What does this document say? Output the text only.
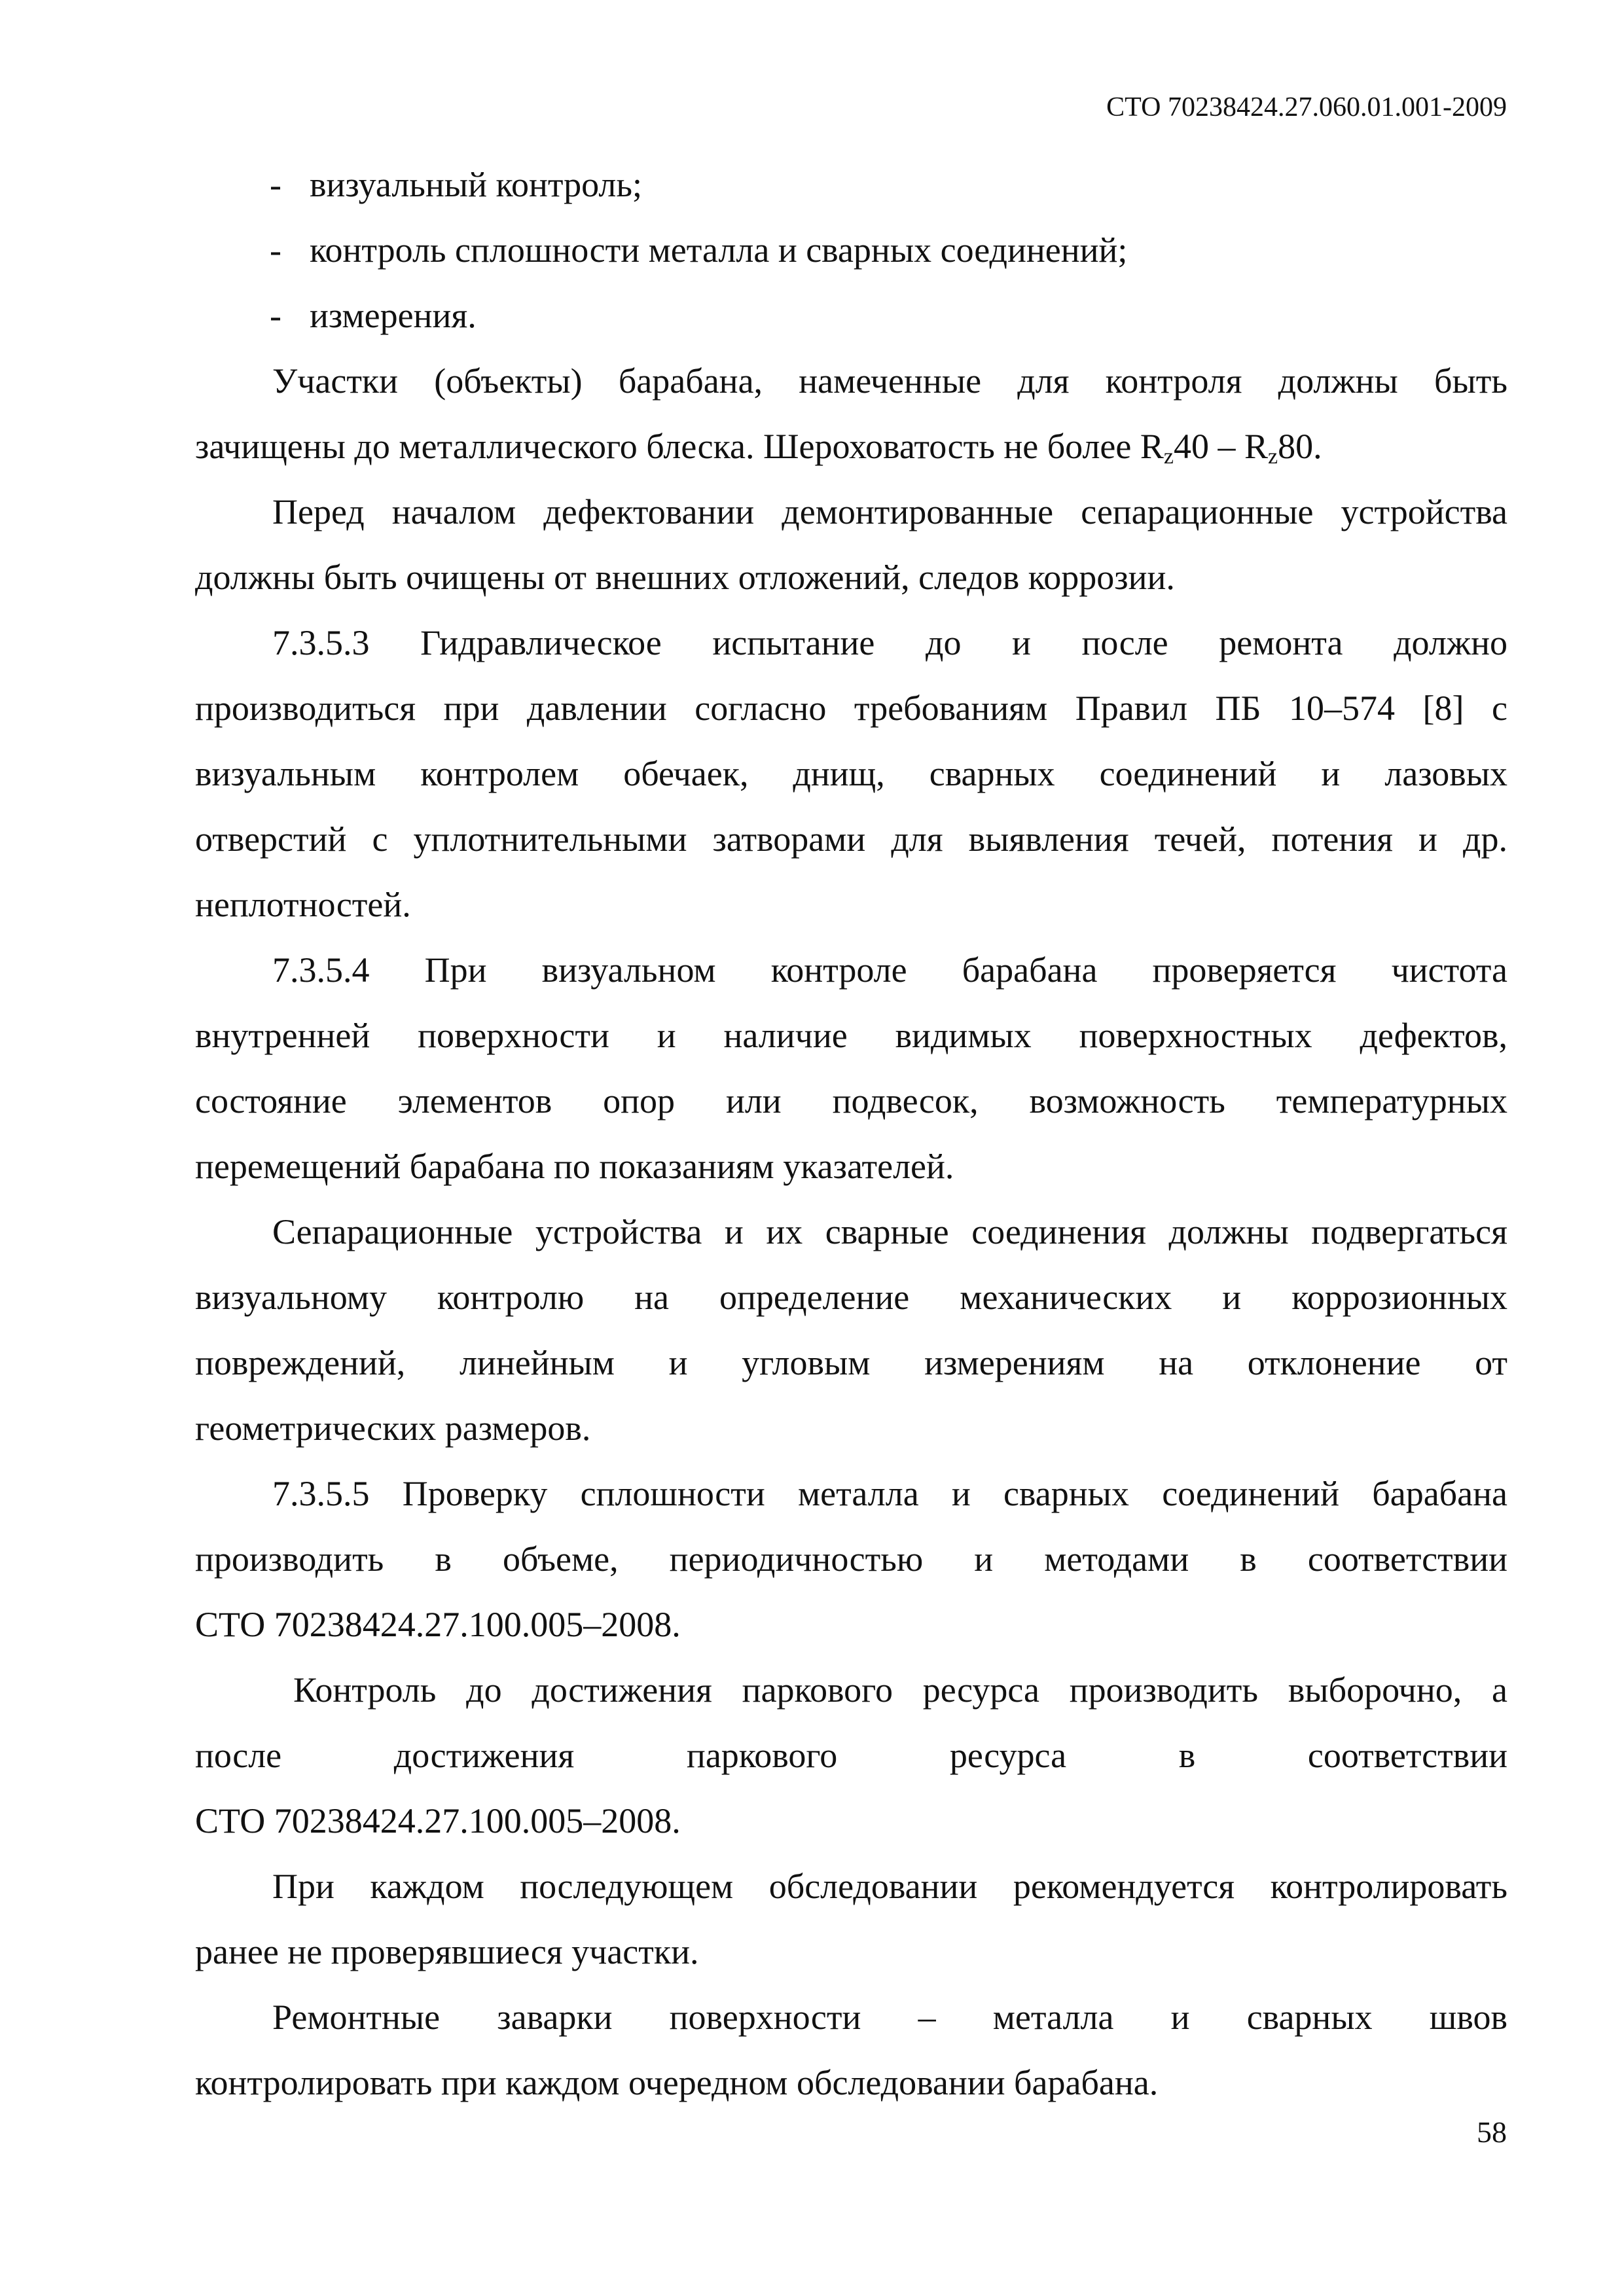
СТО 70238424.27.060.01.001-2009
- визуальный контроль;
- контроль сплошности металла и сварных соединений;
- измерения.
Участки (объекты) барабана, намеченные для контроля должны быть
зачищены до металлического блеска. Шероховатость не более $R_z40 - R_z80$.
Перед началом дефектовании демонтированные сепарационные устройства
должны быть очищены от внешних отложений, следов коррозии.
7.3.5.3 Гидравлическое испытание до и после ремонта должно
производиться при давлении согласно требованиям Правил ПБ 10–574 [8] с
визуальным контролем обечаек, днищ, сварных соединений и лазовых
отверстий с уплотнительными затворами для выявления течей, потения и др.
неплотностей.
7.3.5.4 При визуальном контроле барабана проверяется чистота
внутренней поверхности и наличие видимых поверхностных дефектов,
состояние элементов опор или подвесок, возможность температурных
перемещений барабана по показаниям указателей.
Сепарационные устройства и их сварные соединения должны подвергаться
визуальному контролю на определение механических и коррозионных
повреждений, линейным и угловым измерениям на отклонение от
геометрических размеров.
7.3.5.5 Проверку сплошности металла и сварных соединений барабана
производить в объеме, периодичностью и методами в соответствии
СТО 70238424.27.100.005–2008.
Контроль до достижения паркового ресурса производить выборочно, а
после достижения паркового ресурса в соответствии
СТО 70238424.27.100.005–2008.
При каждом последующем обследовании рекомендуется контролировать
ранее не проверявшиеся участки.
Ремонтные заварки поверхности – металла и сварных швов
контролировать при каждом очередном обследовании барабана.
58
